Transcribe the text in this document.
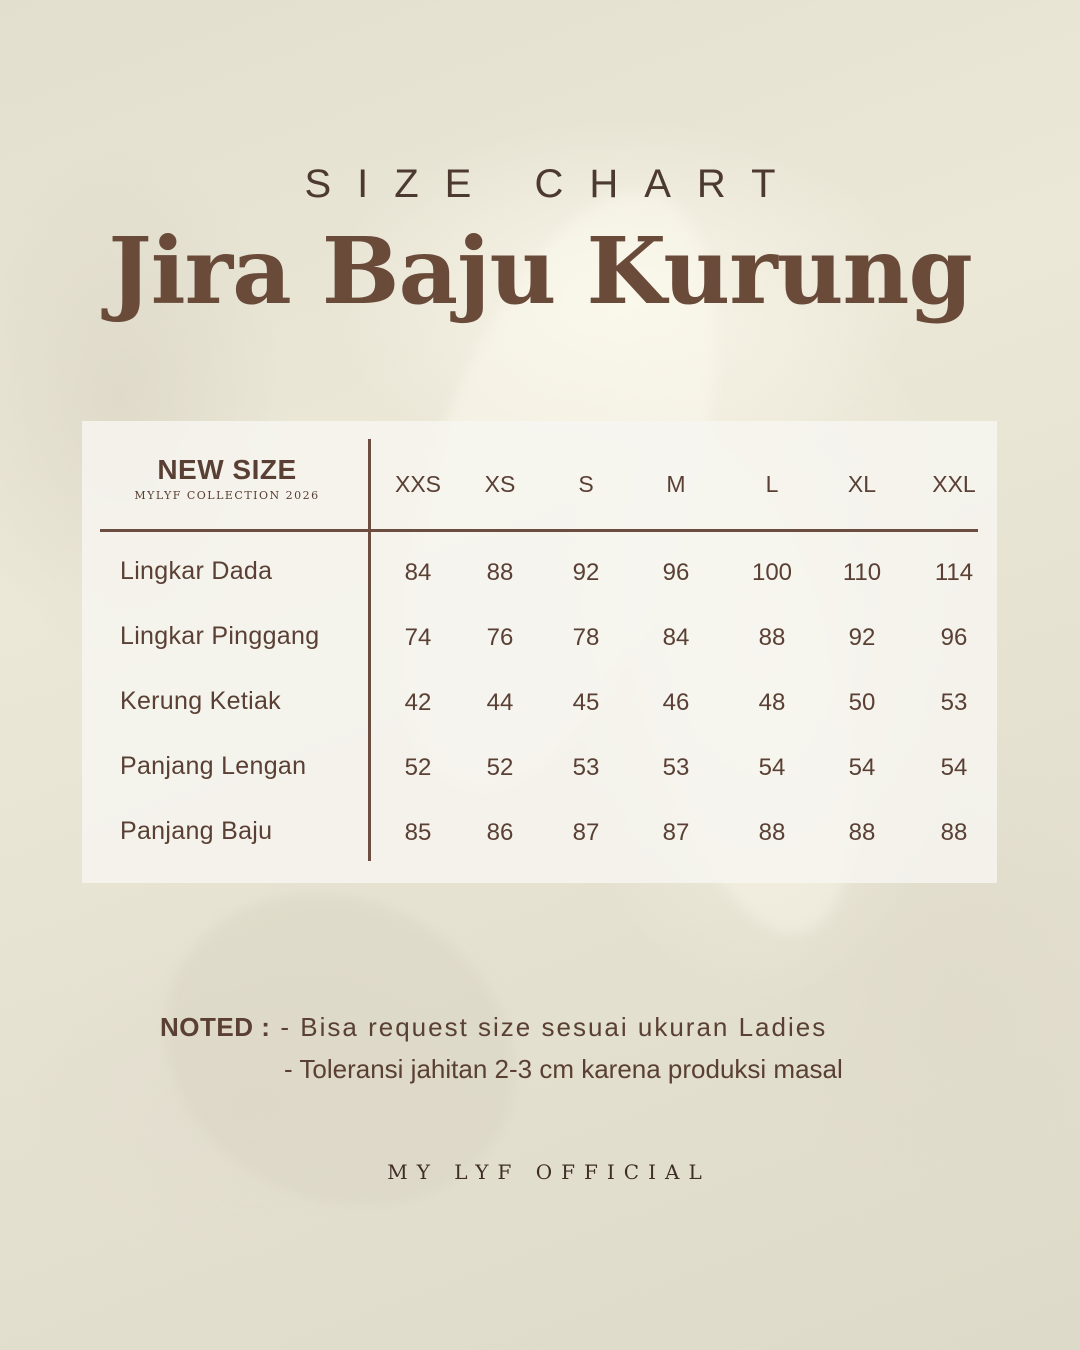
SIZE CHART

Jira Baju Kurung
NEW SIZE
MYLYF COLLECTION 2026	XXS	XS	S	M	L	XL	XXL
Lingkar Dada	84	88	92	96	100	110	114
Lingkar Pinggang	74	76	78	84	88	92	96
Kerung Ketiak	42	44	45	46	48	50	53
Panjang Lengan	52	52	53	53	54	54	54
Panjang Baju	85	86	87	87	88	88	88
NOTED : - Bisa request size sesuai ukuran Ladies
- Toleransi jahitan 2-3 cm karena produksi masal
MY LYF OFFICIAL
